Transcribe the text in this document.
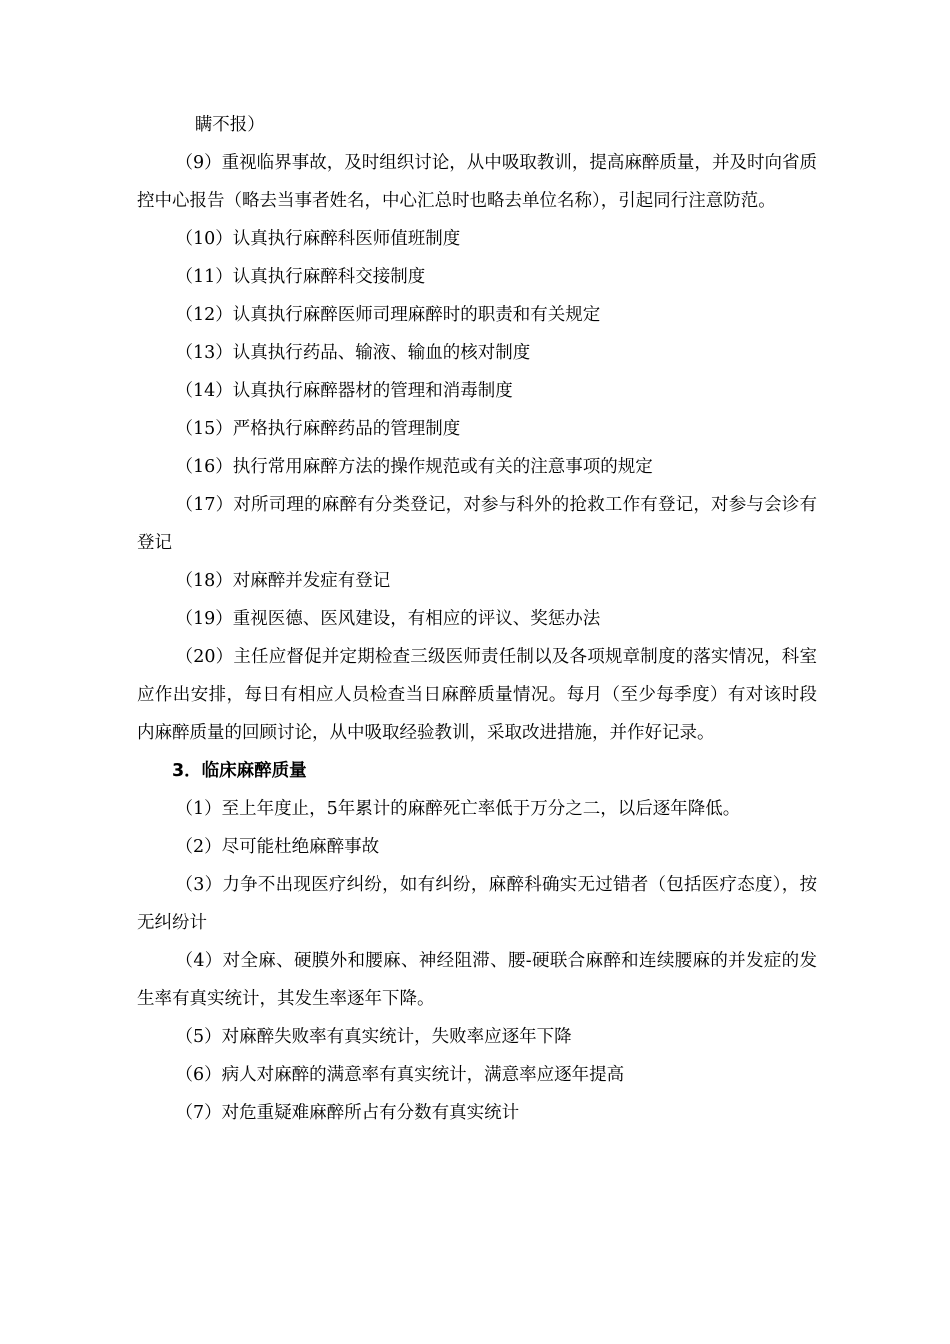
瞒不报）

（9）重视临界事故，及时组织讨论，从中吸取教训，提高麻醉质量，并及时向省质控中心报告（略去当事者姓名，中心汇总时也略去单位名称），引起同行注意防范。

（10）认真执行麻醉科医师值班制度

（11）认真执行麻醉科交接制度

（12）认真执行麻醉医师司理麻醉时的职责和有关规定

（13）认真执行药品、输液、输血的核对制度

（14）认真执行麻醉器材的管理和消毒制度

（15）严格执行麻醉药品的管理制度

（16）执行常用麻醉方法的操作规范或有关的注意事项的规定

（17）对所司理的麻醉有分类登记，对参与科外的抢救工作有登记，对参与会诊有登记

（18）对麻醉并发症有登记

（19）重视医德、医风建设，有相应的评议、奖惩办法

（20）主任应督促并定期检查三级医师责任制以及各项规章制度的落实情况，科室应作出安排，每日有相应人员检查当日麻醉质量情况。每月（至少每季度）有对该时段内麻醉质量的回顾讨论，从中吸取经验教训，采取改进措施，并作好记录。

3．临床麻醉质量

（1）至上年度止，5年累计的麻醉死亡率低于万分之二，以后逐年降低。

（2）尽可能杜绝麻醉事故

（3）力争不出现医疗纠纷，如有纠纷，麻醉科确实无过错者（包括医疗态度），按无纠纷计

（4）对全麻、硬膜外和腰麻、神经阻滞、腰-硬联合麻醉和连续腰麻的并发症的发生率有真实统计，其发生率逐年下降。

（5）对麻醉失败率有真实统计，失败率应逐年下降

（6）病人对麻醉的满意率有真实统计，满意率应逐年提高

（7）对危重疑难麻醉所占有分数有真实统计
